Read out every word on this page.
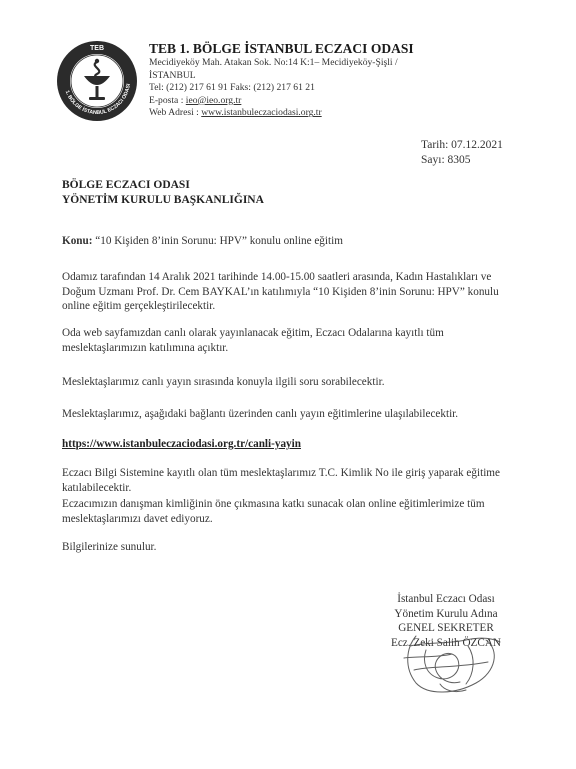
TEB
1. BÖLGE İSTANBUL ECZACI ODASI
TEB 1. BÖLGE İSTANBUL ECZACI ODASI
Mecidiyeköy Mah. Atakan Sok. No:14 K:1– Mecidiyeköy-Şişli /
İSTANBUL
Tel: (212) 217 61 91 Faks: (212) 217 61 21
E-posta : ieo@ieo.org.tr
Web Adresi : www.istanbuleczaciodasi.org.tr
Tarih: 07.12.2021
Sayı: 8305
BÖLGE ECZACI ODASI
YÖNETİM KURULU BAŞKANLIĞINA
Konu: “10 Kişiden 8’inin Sorunu: HPV” konulu online eğitim

Odamız tarafından 14 Aralık 2021 tarihinde 14.00-15.00 saatleri arasında, Kadın Hastalıkları ve Doğum Uzmanı Prof. Dr. Cem BAYKAL’ın katılımıyla “10 Kişiden 8’inin Sorunu: HPV” konulu online eğitim gerçekleştirilecektir.

Oda web sayfamızdan canlı olarak yayınlanacak eğitim, Eczacı Odalarına kayıtlı tüm meslektaşlarımızın katılımına açıktır.

Meslektaşlarımız canlı yayın sırasında konuyla ilgili soru sorabilecektir.

Meslektaşlarımız, aşağıdaki bağlantı üzerinden canlı yayın eğitimlerine ulaşılabilecektir.

https://www.istanbuleczaciodasi.org.tr/canli-yayin

Eczacı Bilgi Sistemine kayıtlı olan tüm meslektaşlarımız T.C. Kimlik No ile giriş yaparak eğitime katılabilecektir.

Eczacımızın danışman kimliğinin öne çıkmasına katkı sunacak olan online eğitimlerimize tüm meslektaşlarımızı davet ediyoruz.

Bilgilerinize sunulur.

İstanbul Eczacı Odası
Yönetim Kurulu Adına
GENEL SEKRETER
Ecz. Zeki Salih ÖZCAN
